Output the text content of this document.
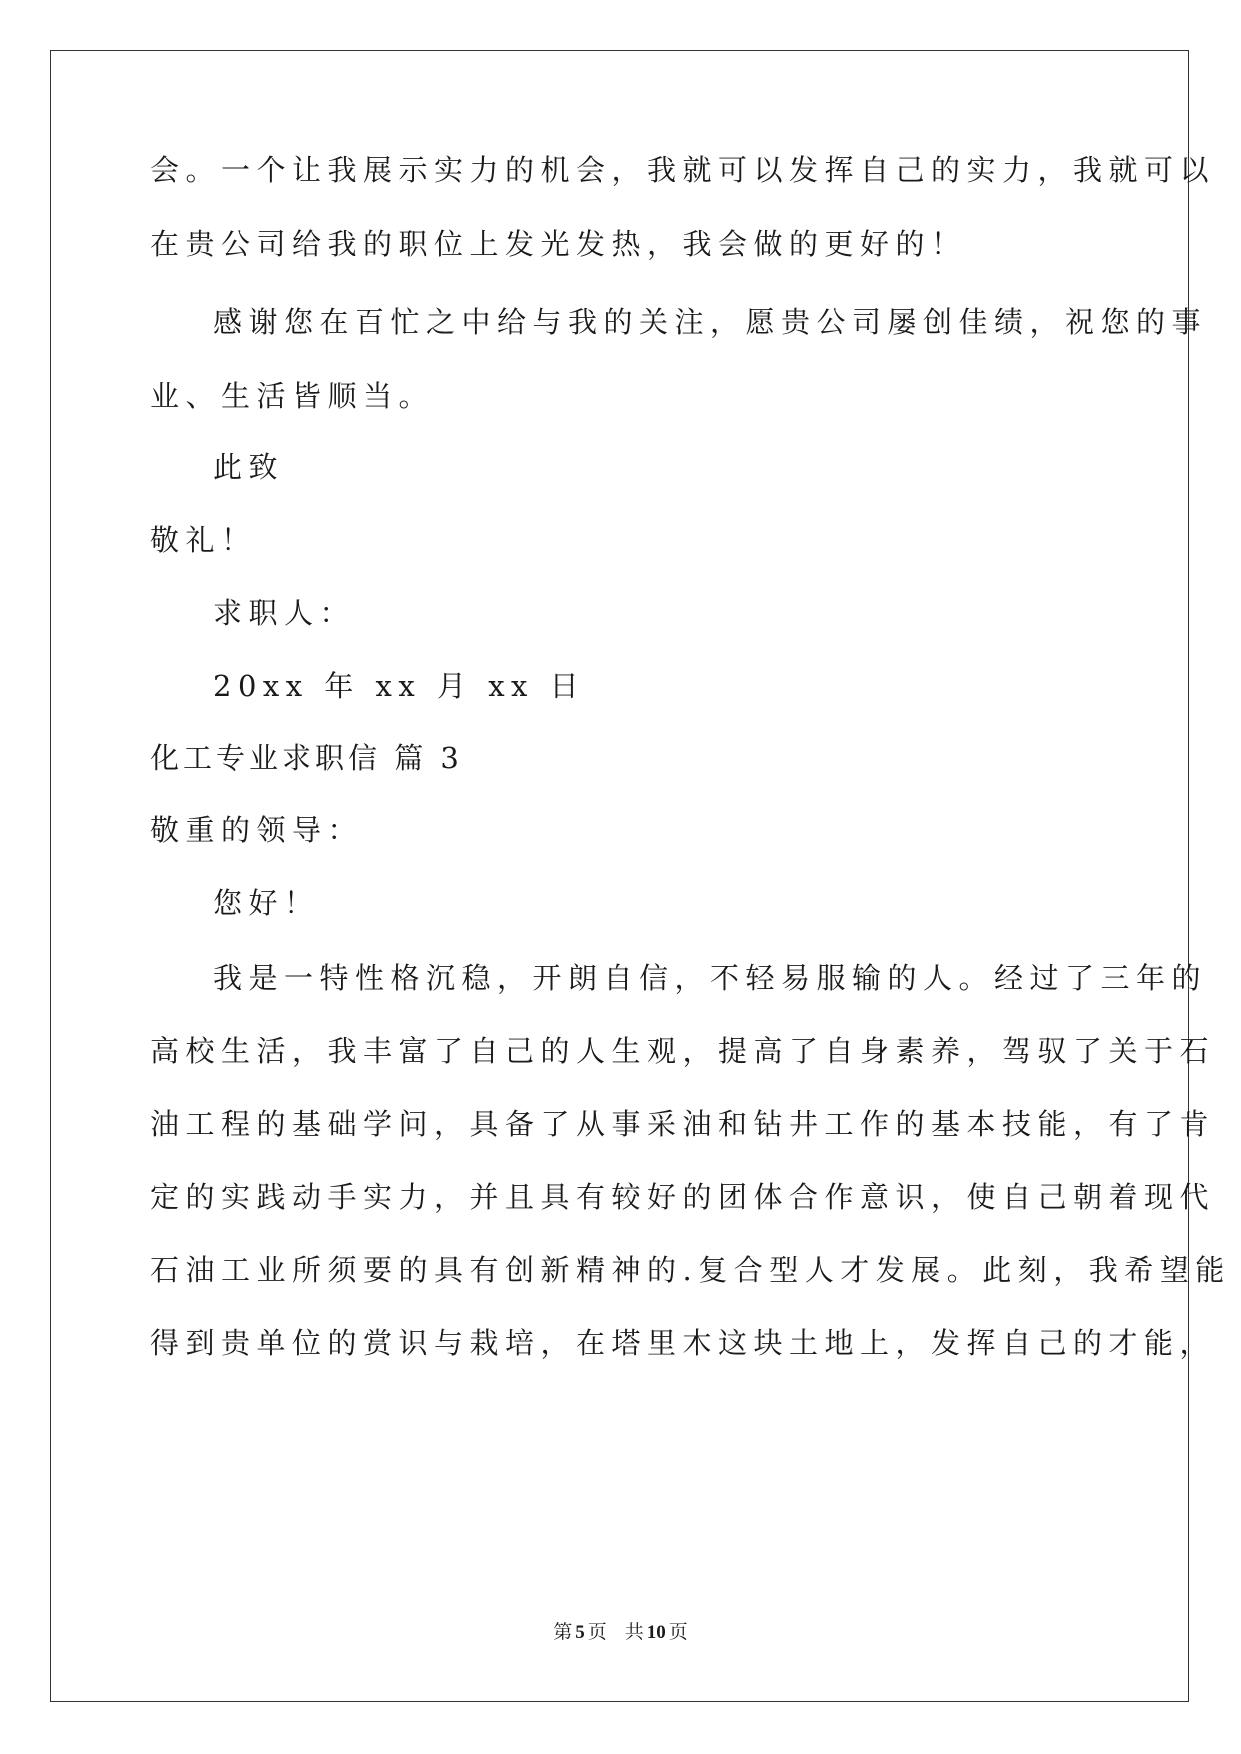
会。一个让我展示实力的机会，我就可以发挥自己的实力，我就可以
在贵公司给我的职位上发光发热，我会做的更好的！
感谢您在百忙之中给与我的关注，愿贵公司屡创佳绩，祝您的事
业、生活皆顺当。
此致
敬礼！
求职人：
20xx 年 xx 月 xx 日
化工专业求职信 篇 3
敬重的领导：
您好！
我是一特性格沉稳，开朗自信，不轻易服输的人。经过了三年的
高校生活，我丰富了自己的人生观，提高了自身素养，驾驭了关于石
油工程的基础学问，具备了从事采油和钻井工作的基本技能，有了肯
定的实践动手实力，并且具有较好的团体合作意识，使自己朝着现代
石油工业所须要的具有创新精神的.复合型人才发展。此刻，我希望能
得到贵单位的赏识与栽培，在塔里木这块土地上，发挥自己的才能，
第 5 页 共 10 页
